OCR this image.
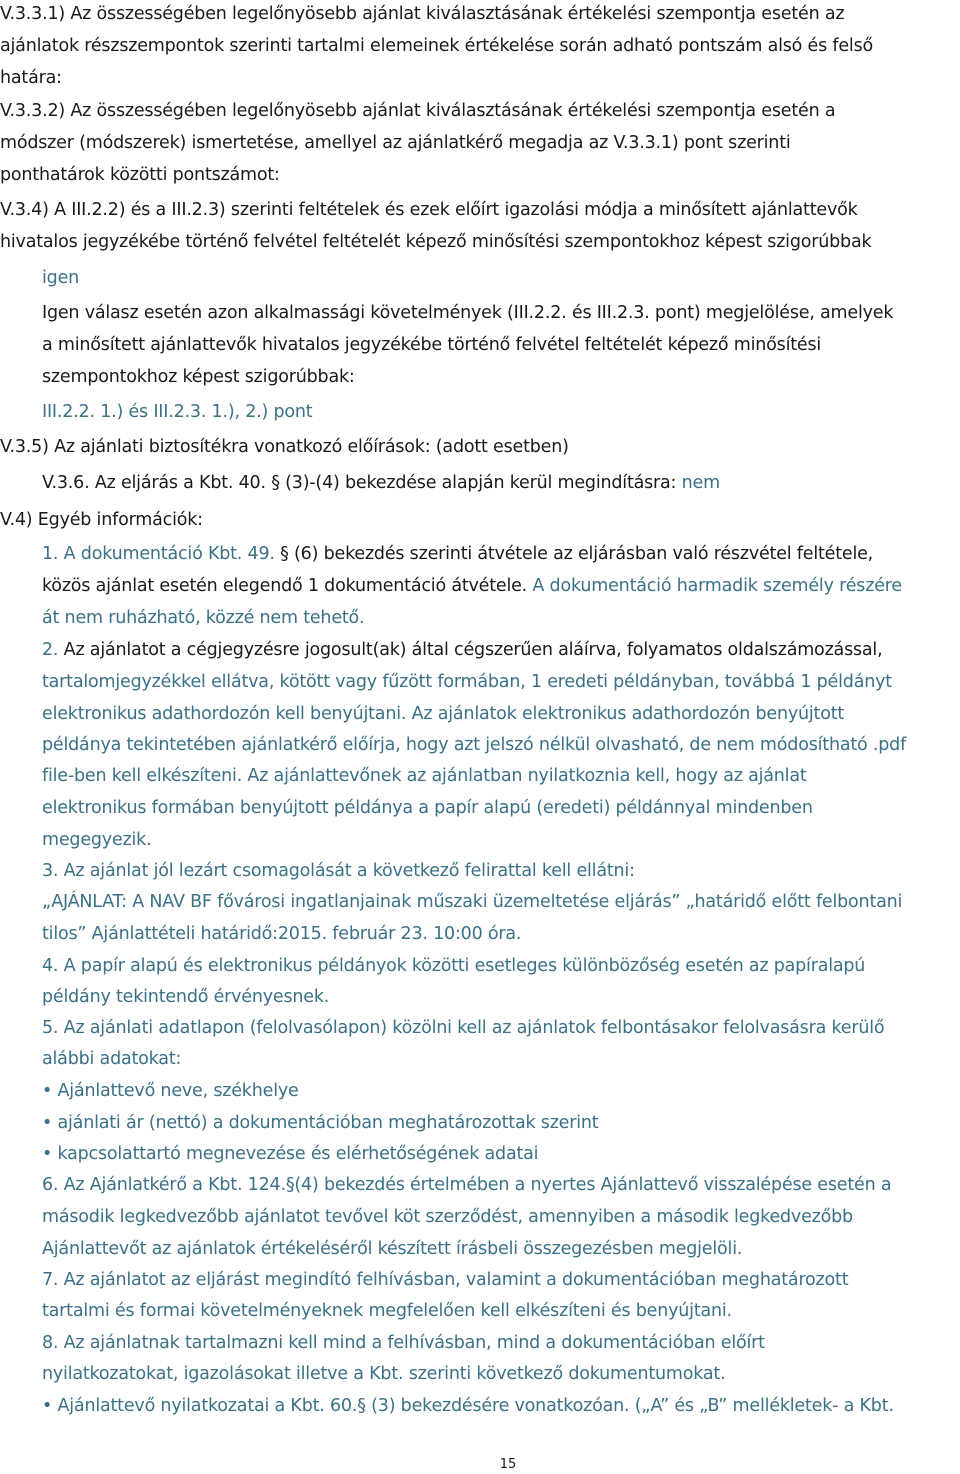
V.3.3.1) Az összességében legelőnyösebb ajánlat kiválasztásának értékelési szempontja esetén az
ajánlatok részszempontok szerinti tartalmi elemeinek értékelése során adható pontszám alsó és felső
határa:
V.3.3.2) Az összességében legelőnyösebb ajánlat kiválasztásának értékelési szempontja esetén a
módszer (módszerek) ismertetése, amellyel az ajánlatkérő megadja az V.3.3.1) pont szerinti
ponthatárok közötti pontszámot:
V.3.4) A III.2.2) és a III.2.3) szerinti feltételek és ezek előírt igazolási módja a minősített ajánlattevők
hivatalos jegyzékébe történő felvétel feltételét képező minősítési szempontokhoz képest szigorúbbak
igen
Igen válasz esetén azon alkalmassági követelmények (III.2.2. és III.2.3. pont) megjelölése, amelyek
a minősített ajánlattevők hivatalos jegyzékébe történő felvétel feltételét képező minősítési
szempontokhoz képest szigorúbbak:
III.2.2. 1.) és III.2.3. 1.), 2.) pont
V.3.5) Az ajánlati biztosítékra vonatkozó előírások: (adott esetben)
V.3.6. Az eljárás a Kbt. 40. § (3)-(4) bekezdése alapján kerül megindításra: nem
V.4) Egyéb információk:
1. A dokumentáció Kbt. 49. § (6) bekezdés szerinti átvétele az eljárásban való részvétel feltétele,
közös ajánlat esetén elegendő 1 dokumentáció átvétele. A dokumentáció harmadik személy részére
át nem ruházható, közzé nem tehető.
2. Az ajánlatot a cégjegyzésre jogosult(ak) által cégszerűen aláírva, folyamatos oldalszámozással,
tartalomjegyzékkel ellátva, kötött vagy fűzött formában, 1 eredeti példányban, továbbá 1 példányt
elektronikus adathordozón kell benyújtani. Az ajánlatok elektronikus adathordozón benyújtott
példánya tekintetében ajánlatkérő előírja, hogy azt jelszó nélkül olvasható, de nem módosítható .pdf
file-ben kell elkészíteni. Az ajánlattevőnek az ajánlatban nyilatkoznia kell, hogy az ajánlat
elektronikus formában benyújtott példánya a papír alapú (eredeti) példánnyal mindenben
megegyezik.
3. Az ajánlat jól lezárt csomagolását a következő felirattal kell ellátni:
„AJÁNLAT: A NAV BF fővárosi ingatlanjainak műszaki üzemeltetése eljárás” „határidő előtt felbontani
tilos” Ajánlattételi határidő:2015. február 23. 10:00 óra.
4. A papír alapú és elektronikus példányok közötti esetleges különbözőség esetén az papíralapú
példány tekintendő érvényesnek.
5. Az ajánlati adatlapon (felolvasólapon) közölni kell az ajánlatok felbontásakor felolvasásra kerülő
alábbi adatokat:
• Ajánlattevő neve, székhelye
• ajánlati ár (nettó) a dokumentációban meghatározottak szerint
• kapcsolattartó megnevezése és elérhetőségének adatai
6. Az Ajánlatkérő a Kbt. 124.§(4) bekezdés értelmében a nyertes Ajánlattevő visszalépése esetén a
második legkedvezőbb ajánlatot tevővel köt szerződést, amennyiben a második legkedvezőbb
Ajánlattevőt az ajánlatok értékeléséről készített írásbeli összegezésben megjelöli.
7. Az ajánlatot az eljárást megindító felhívásban, valamint a dokumentációban meghatározott
tartalmi és formai követelményeknek megfelelően kell elkészíteni és benyújtani.
8. Az ajánlatnak tartalmazni kell mind a felhívásban, mind a dokumentációban előírt
nyilatkozatokat, igazolásokat illetve a Kbt. szerinti következő dokumentumokat.
• Ajánlattevő nyilatkozatai a Kbt. 60.§ (3) bekezdésére vonatkozóan. („A” és „B” mellékletek- a Kbt.
15
